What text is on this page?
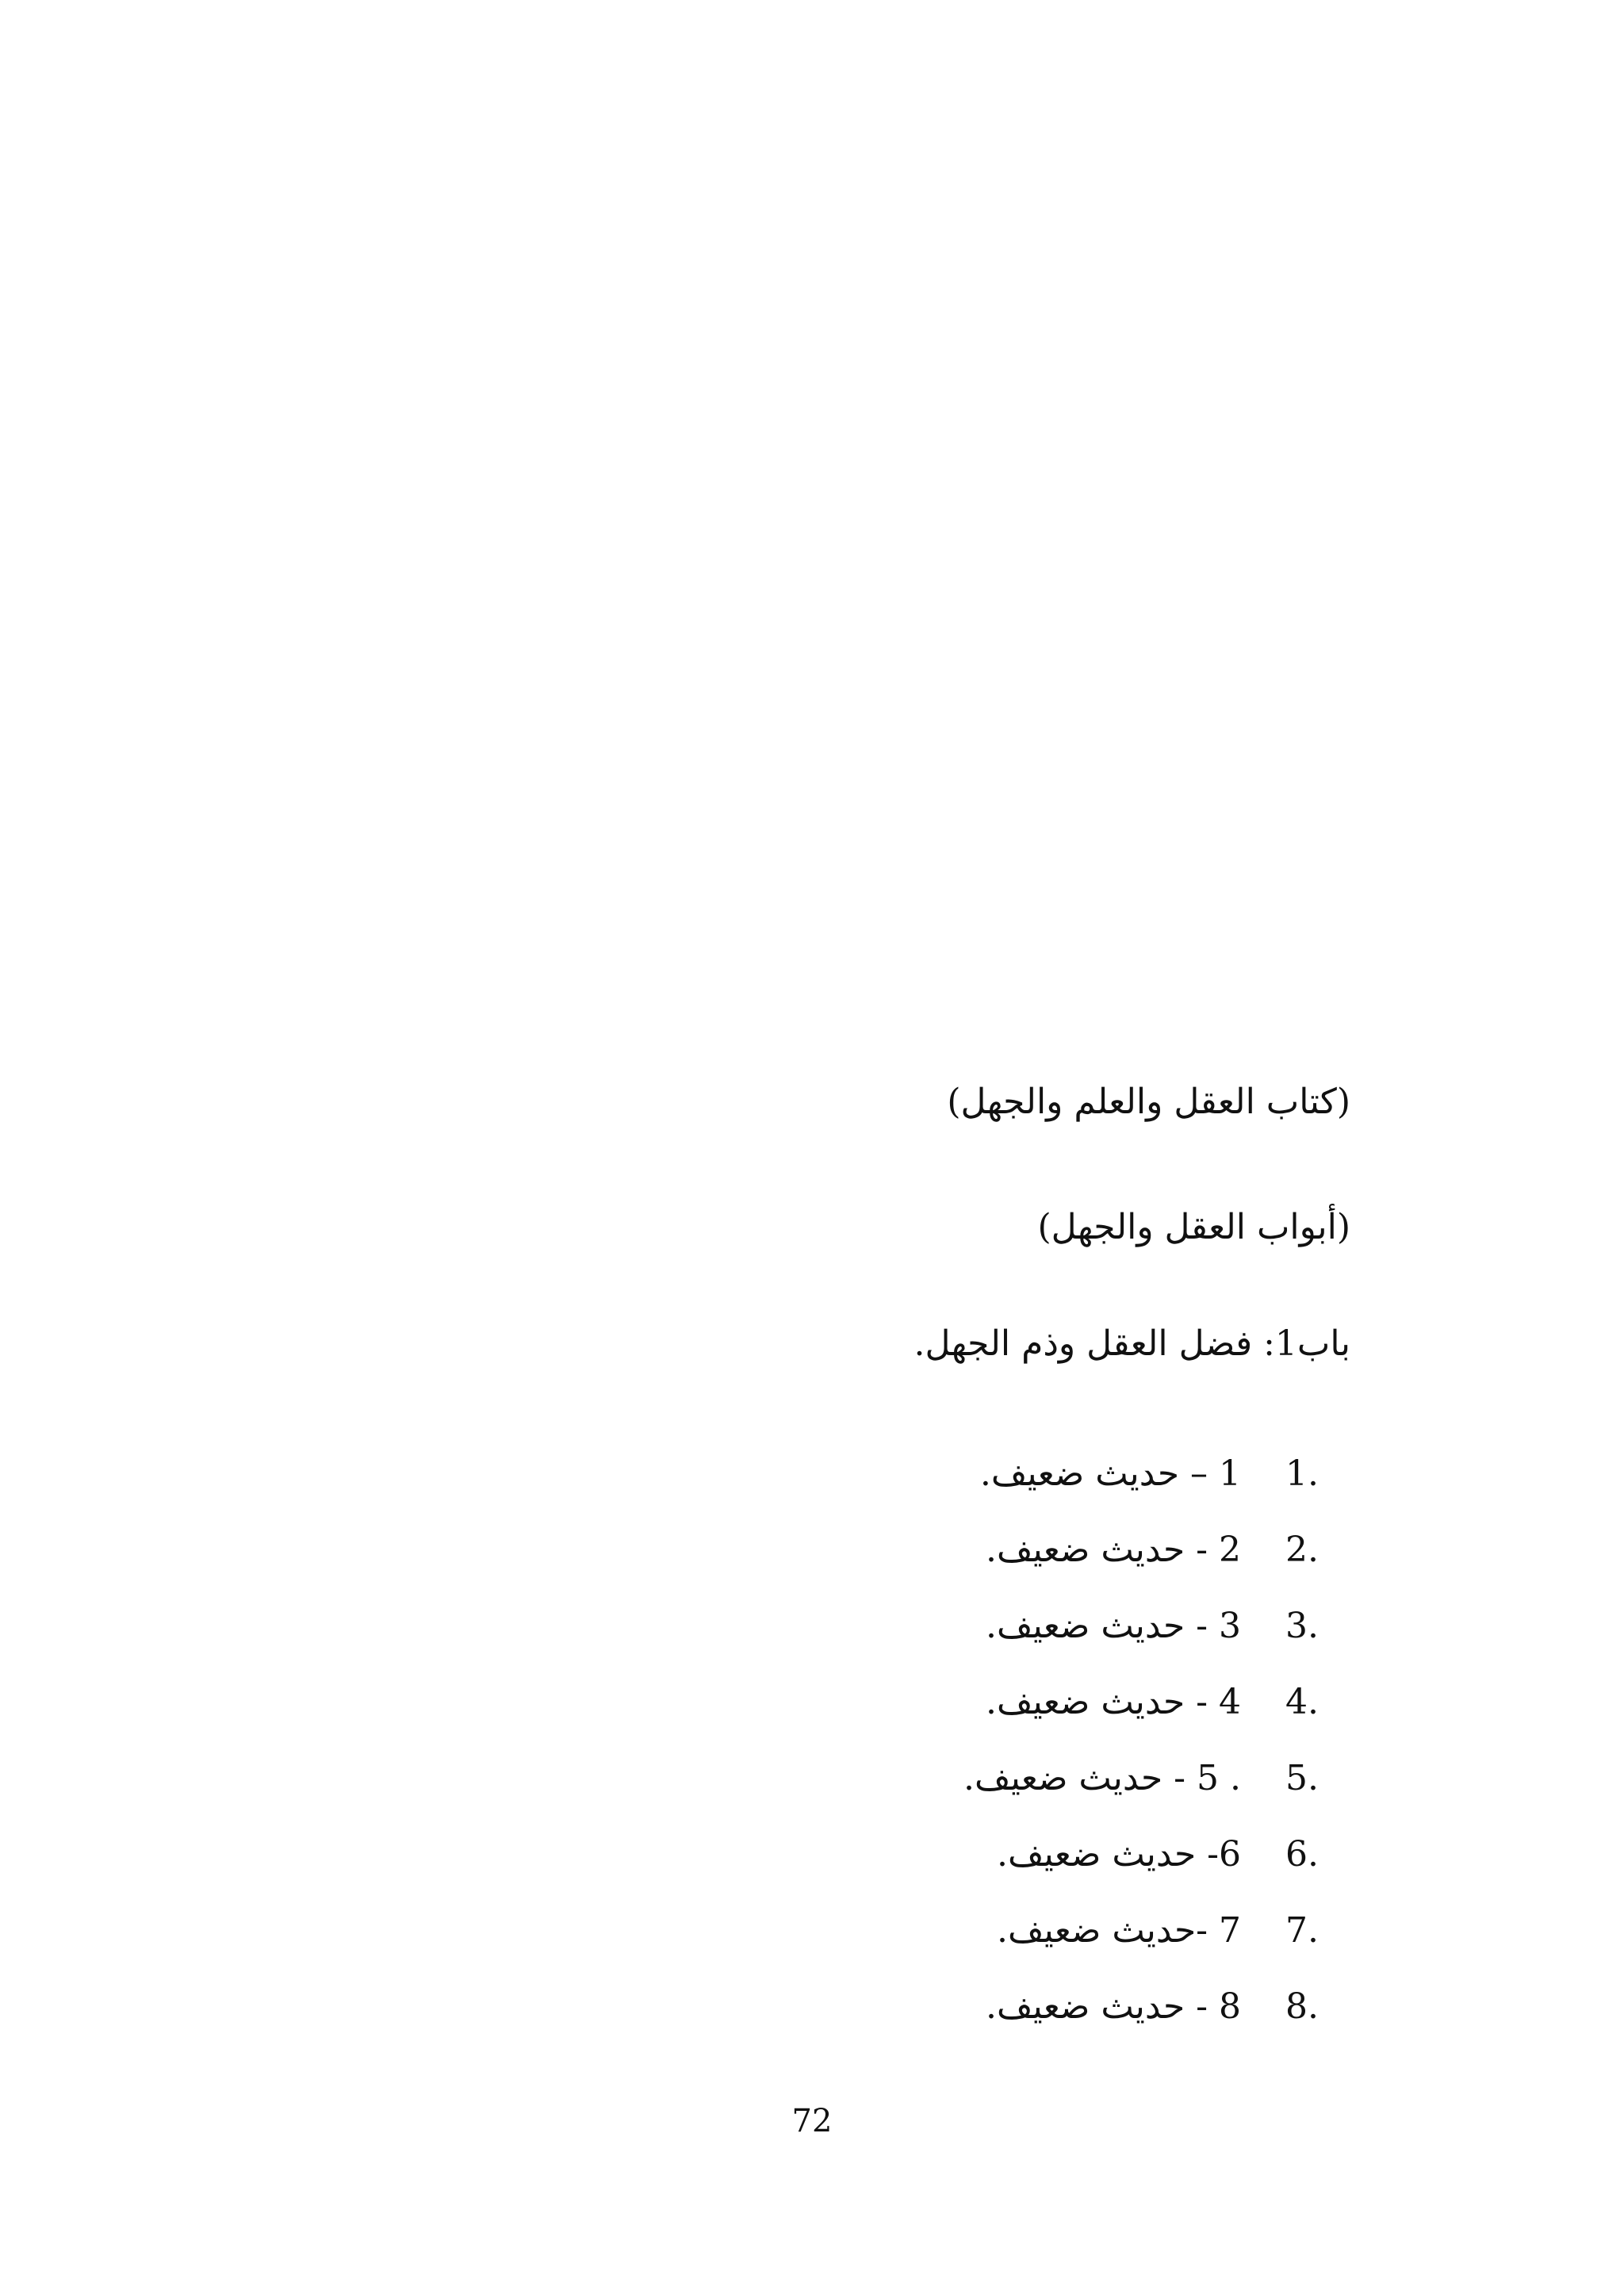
(كتاب العقل والعلم والجهل)
(أبواب العقل والجهل)
باب1: فضل العقل وذم الجهل.
1.
1 – حديث ضعيف.
2.
2 - حديث ضعيف.
3.
3 - حديث ضعيف.
4.
4 - حديث ضعيف.
5.
. 5 - حديث ضعيف.
6.
6- حديث ضعيف.
7.
7 -حديث ضعيف.
8.
8 - حديث ضعيف.
72
